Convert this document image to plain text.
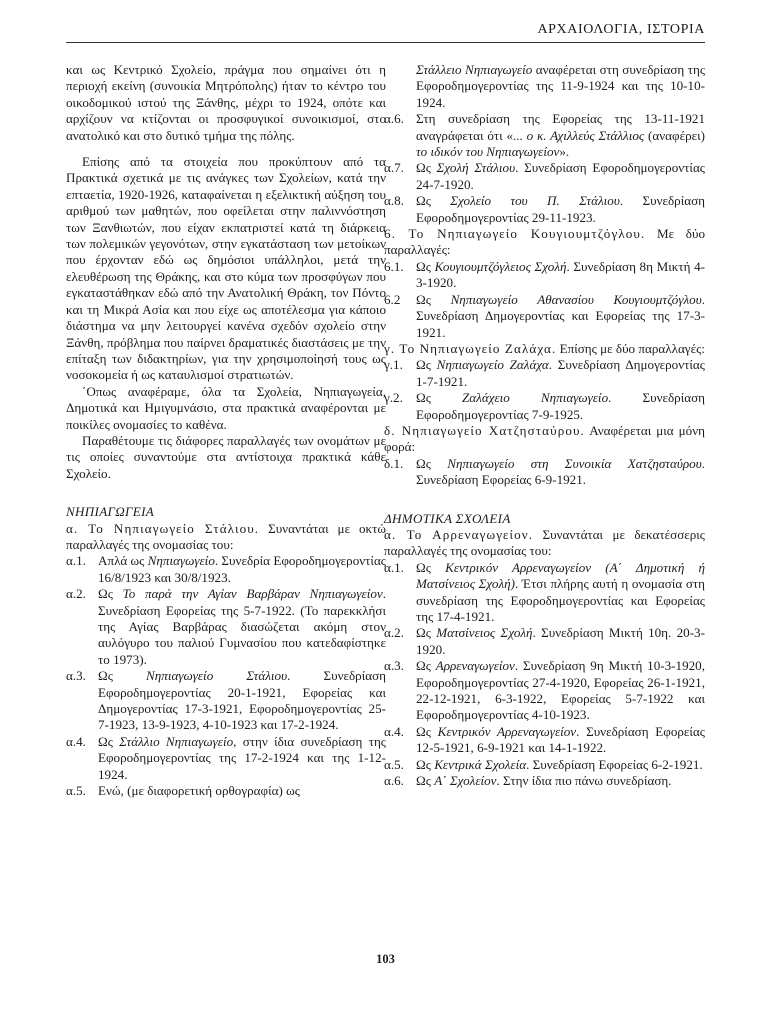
ΑΡΧΑΙΟΛΟΓΙΑ, ΙΣΤΟΡΙΑ

και ως Κεντρικό Σχολείο, πράγμα που σημαίνει ότι η περιοχή εκείνη (συνοικία Μητρόπολης) ήταν το κέντρο του οικοδομικού ιστού της Ξάνθης, μέχρι το 1924, οπότε και αρχίζουν να κτίζονται οι προσφυγικοί συνοικισμοί, στο ανατολικό και στο δυτικό τμήμα της πόλης.

Επίσης από τα στοιχεία που προκύπτουν από τα Πρακτικά σχετικά με τις ανάγκες των Σχολείων, κατά την επταετία, 1920-1926, καταφαίνεται η εξελικτική αύξηση του αριθμού των μαθητών, που οφείλεται στην παλιννόστηση των Ξανθιωτών, που είχαν εκπατριστεί κατά τη διάρκεια των πολεμικών γεγονότων, στην εγκατάσταση των μετοίκων που έρχονταν εδώ ως δημόσιοι υπάλληλοι, μετά την ελευθέρωση της Θράκης, και στο κύμα των προσφύγων που εγκαταστάθηκαν εδώ από την Ανατολική Θράκη, τον Πόντο και τη Μικρά Ασία και που είχε ως αποτέλεσμα για κάποιο διάστημα να μην λειτουργεί κανένα σχεδόν σχολείο στην Ξάνθη, πρόβλημα που παίρνει δραματικές διαστάσεις με την επίταξη των διδακτηρίων, για την χρησιμοποίησή τους ως νοσοκομεία ή ως καταυλισμοί στρατιωτών.

΄Οπως αναφέραμε, όλα τα Σχολεία, Νηπιαγωγεία, Δημοτικά και Ημιγυμνάσιο, στα πρακτικά αναφέρονται με ποικίλες ονομασίες το καθένα.

Παραθέτουμε τις διάφορες παραλλαγές των ονομάτων με τις οποίες συναντούμε στα αντίστοιχα πρακτικά κάθε Σχολείο.

ΝΗΠΙΑΓΩΓΕΙΑ

α. Το Νηπιαγωγείο Στάλιου. Συναντάται με οκτώ παραλλαγές της ονομασίας του:

α.1. Απλά ως Νηπιαγωγείο. Συνεδρία Εφοροδημογεροντίας 16/8/1923 και 30/8/1923.
α.2. Ως Το παρά την Αγίαν Βαρβάραν Νηπιαγωγείον. Συνεδρίαση Εφορείας της 5-7-1922. (Το παρεκκλήσι της Αγίας Βαρβάρας διασώζεται ακόμη στον αυλόγυρο του παλιού Γυμνασίου που κατεδαφίστηκε το 1973).
α.3. Ως Νηπιαγωγείο Στάλιου. Συνεδρίαση Εφοροδημογεροντίας 20-1-1921, Εφορείας και Δημογεροντίας 17-3-1921, Εφοροδημογεροντίας 25-7-1923, 13-9-1923, 4-10-1923 και 17-2-1924.
α.4. Ως Στάλλιο Νηπιαγωγείο, στην ίδια συνεδρίαση της Εφοροδημογεροντίας της 17-2-1924 και της 1-12-1924.
α.5. Ενώ, (με διαφορετική ορθογραφία) ως
Στάλλειο Νηπιαγωγείο αναφέρεται στη συνεδρίαση της Εφοροδημογεροντίας της 11-9-1924 και της 10-10-1924.
α.6. Στη συνεδρίαση της Εφορείας της 13-11-1921 αναγράφεται ότι «... ο κ. Αχιλλεύς Στάλλιος (αναφέρει) το ιδικόν του Νηπιαγωγείον».
α.7. Ως Σχολή Στάλιου. Συνεδρίαση Εφοροδημογεροντίας 24-7-1920.
α.8. Ως Σχολείο του Π. Στάλιου. Συνεδρίαση Εφοροδημογεροντίας 29-11-1923.

6. Το Νηπιαγωγείο Κουγιουμτζόγλου. Με δύο παραλλαγές:

6.1. Ως Κουγιουμτζόγλειος Σχολή. Συνεδρίαση 8η Μικτή 4-3-1920.
6.2	Ως Νηπιαγωγείο Αθανασίου Κουγιουμτζόγλου. Συνεδρίαση Δημογεροντίας και Εφορείας της 17-3-1921.

γ. Το Νηπιαγωγείο Ζαλάχα. Επίσης με δύο παραλλαγές:

γ.1.	Ως Νηπιαγωγείο Ζαλάχα. Συνεδρίαση Δημογεροντίας 1-7-1921.
γ.2.	Ως Ζαλάχειο Νηπιαγωγείο. Συνεδρίαση Εφοροδημογεροντίας 7-9-1925.

δ. Νηπιαγωγείο Χατζησταύρου. Αναφέρεται μια μόνη φορά:

δ.1. Ως Νηπιαγωγείο στη Συνοικία Χατζησταύρου. Συνεδρίαση Εφορείας 6-9-1921.

ΔΗΜΟΤΙΚΑ ΣΧΟΛΕΙΑ

α. Το Αρρεναγωγείον. Συναντάται με δεκατέσσερις παραλλαγές της ονομασίας του:

α.1. Ως Κεντρικόν Αρρεναγωγείον (Α΄ Δημοτική ή Ματσίνειος Σχολή). Έτσι πλήρης αυτή η ονομασία στη συνεδρίαση της Εφοροδημογεροντίας και Εφορείας της 17-4-1921.
α.2. Ως Ματσίνειος Σχολή. Συνεδρίαση Μικτή 10η. 20-3-1920.
α.3. Ως Αρρεναγωγείον. Συνεδρίαση 9η Μικτή 10-3-1920, Εφοροδημογεροντίας 27-4-1920, Εφορείας 26-1-1921, 22-12-1921, 6-3-1922, Εφορείας 5-7-1922 και Εφοροδημογεροντίας 4-10-1923.
α.4. Ως Κεντρικόν Αρρεναγωγείον. Συνεδρίαση Εφορείας 12-5-1921, 6-9-1921 και 14-1-1922.
α.5. Ως Κεντρικά Σχολεία. Συνεδρίαση Εφορείας 6-2-1921.
α.6. Ως Α΄ Σχολείον. Στην ίδια πιο πάνω συνεδρίαση.
103
